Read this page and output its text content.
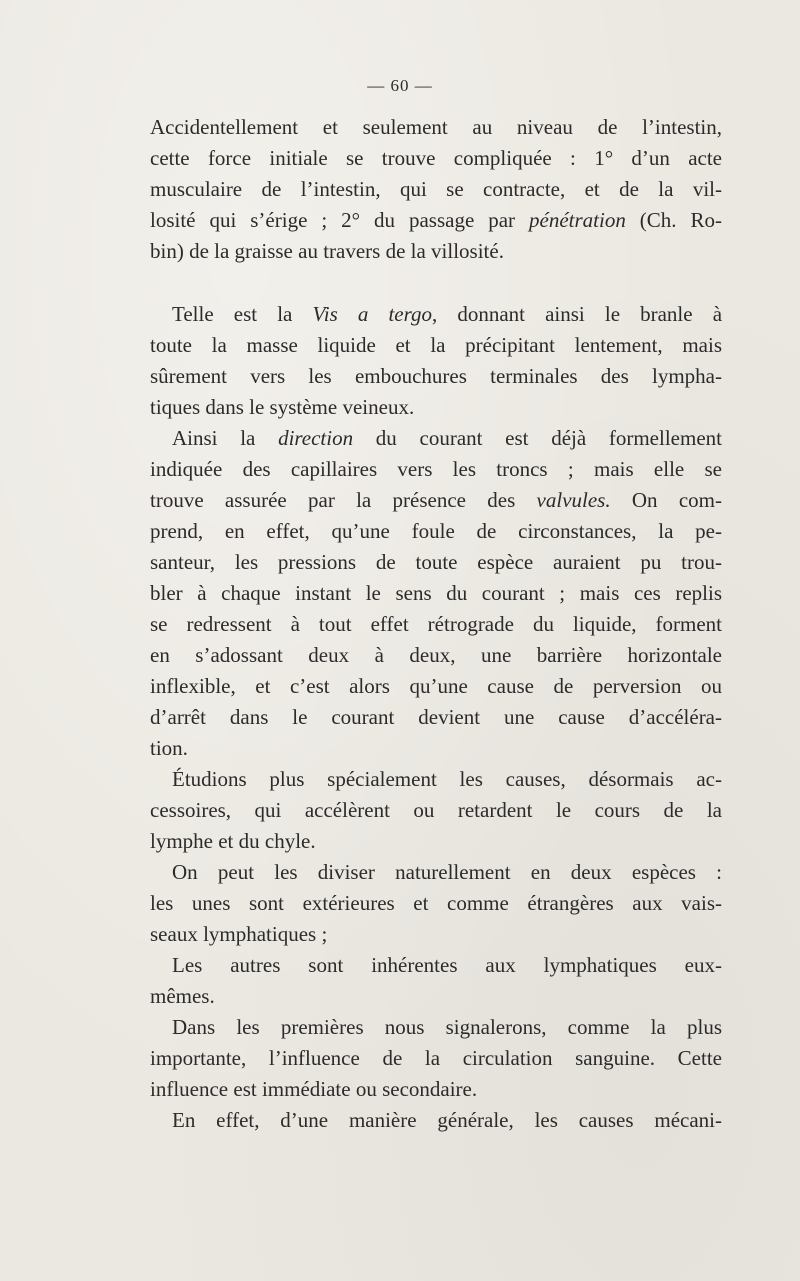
— 60 —
Accidentellement et seulement au niveau de l’intestin,
cette force initiale se trouve compliquée : 1° d’un acte
musculaire de l’intestin, qui se contracte, et de la vil-
losité qui s’érige ; 2° du passage par pénétration (Ch. Ro-
bin) de la graisse au travers de la villosité.
Telle est la Vis a tergo, donnant ainsi le branle à
toute la masse liquide et la précipitant lentement, mais
sûrement vers les embouchures terminales des lympha-
tiques dans le système veineux.
Ainsi la direction du courant est déjà formellement
indiquée des capillaires vers les troncs ; mais elle se
trouve assurée par la présence des valvules. On com-
prend, en effet, qu’une foule de circonstances, la pe-
santeur, les pressions de toute espèce auraient pu trou-
bler à chaque instant le sens du courant ; mais ces replis
se redressent à tout effet rétrograde du liquide, forment
en s’adossant deux à deux, une barrière horizontale
inflexible, et c’est alors qu’une cause de perversion ou
d’arrêt dans le courant devient une cause d’accéléra-
tion.
Étudions plus spécialement les causes, désormais ac-
cessoires, qui accélèrent ou retardent le cours de la
lymphe et du chyle.
On peut les diviser naturellement en deux espèces :
les unes sont extérieures et comme étrangères aux vais-
seaux lymphatiques ;
Les autres sont inhérentes aux lymphatiques eux-
mêmes.
Dans les premières nous signalerons, comme la plus
importante, l’influence de la circulation sanguine. Cette
influence est immédiate ou secondaire.
En effet, d’une manière générale, les causes mécani-
